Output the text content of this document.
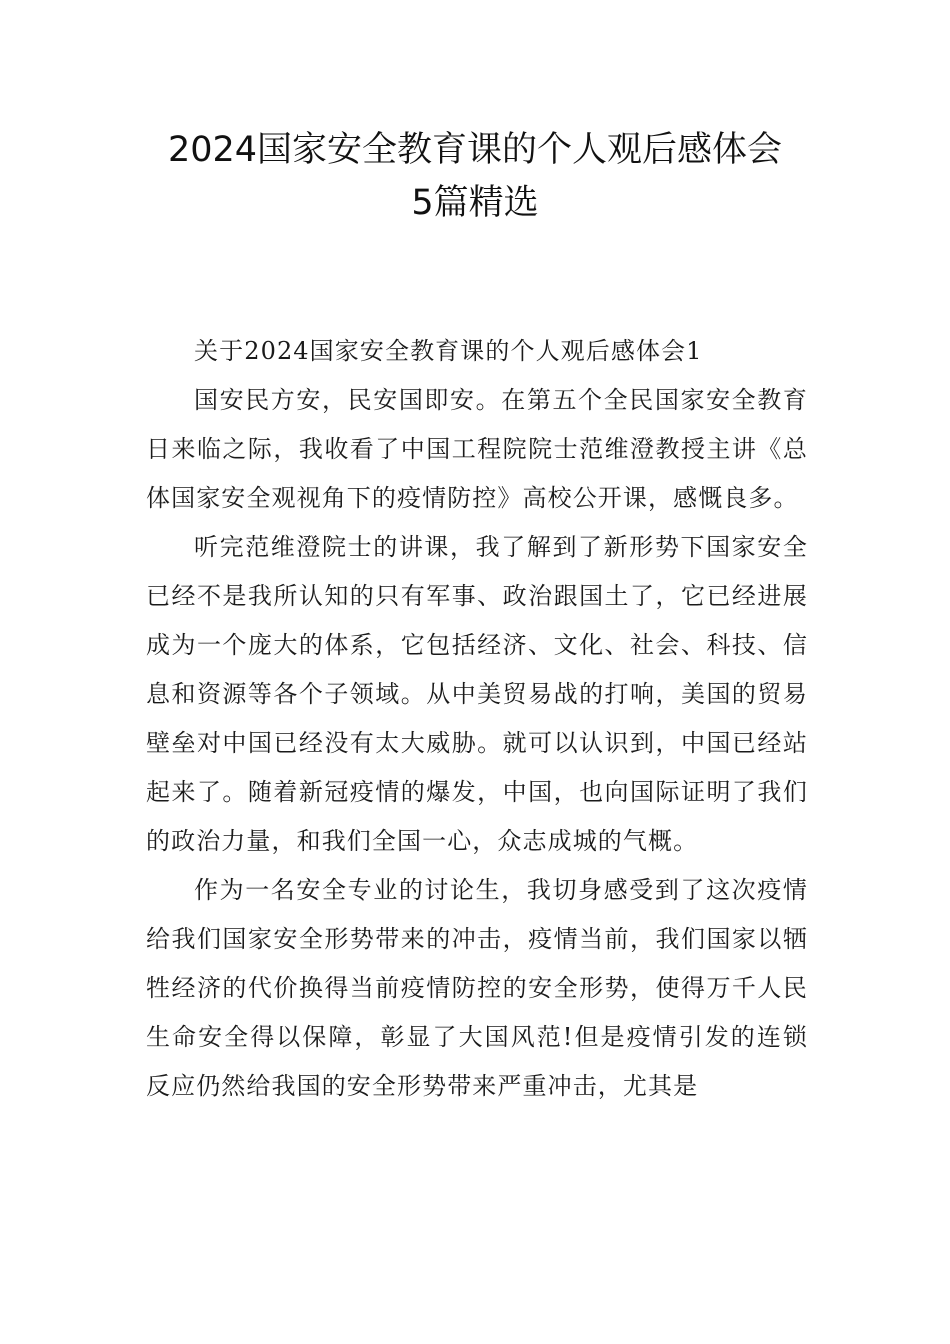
2024国家安全教育课的个人观后感体会
5篇精选

关于2024国家安全教育课的个人观后感体会1

国安民方安，民安国即安。在第五个全民国家安全教育日来临之际，我收看了中国工程院院士范维澄教授主讲《总体国家安全观视角下的疫情防控》高校公开课，感慨良多。

听完范维澄院士的讲课，我了解到了新形势下国家安全已经不是我所认知的只有军事、政治跟国土了，它已经进展成为一个庞大的体系，它包括经济、文化、社会、科技、信息和资源等各个子领域。从中美贸易战的打响，美国的贸易壁垒对中国已经没有太大威胁。就可以认识到，中国已经站起来了。随着新冠疫情的爆发，中国，也向国际证明了我们的政治力量，和我们全国一心，众志成城的气概。

作为一名安全专业的讨论生，我切身感受到了这次疫情给我们国家安全形势带来的冲击，疫情当前，我们国家以牺牲经济的代价换得当前疫情防控的安全形势，使得万千人民生命安全得以保障，彰显了大国风范!但是疫情引发的连锁反应仍然给我国的安全形势带来严重冲击，尤其是
